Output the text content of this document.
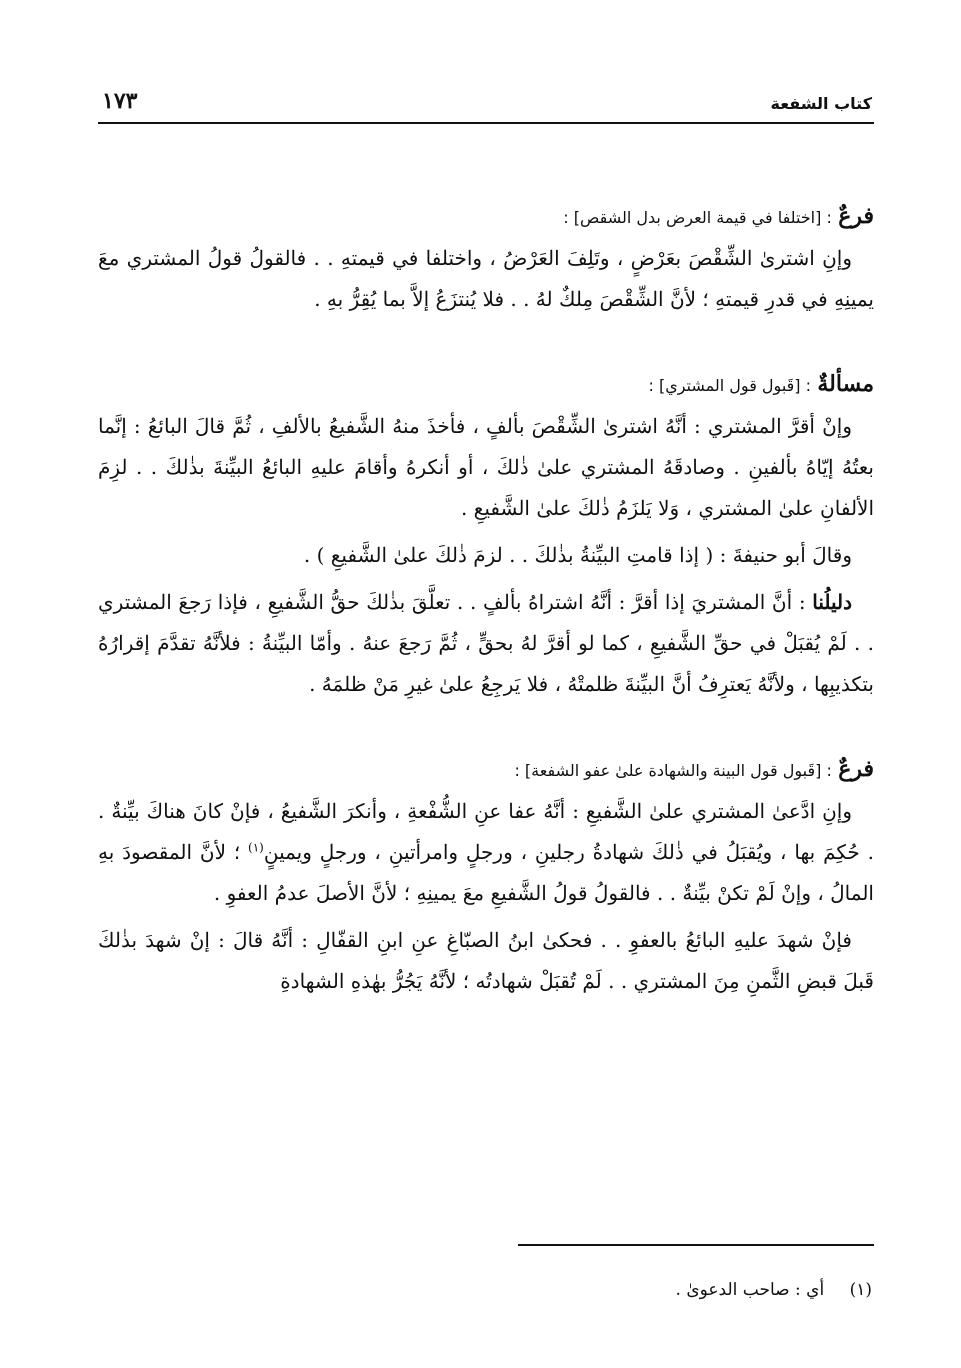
كتاب الشفعة
١٧٣

فرعٌ : [اختلفا في قيمة العرض بدل الشقص] :

وإنِ اشترىٰ الشِّقْصَ بعَرْضٍ ، وتَلِفَ العَرْضُ ، واختلفا في قيمتهِ . . فالقولُ قولُ المشتري معَ يمينِهِ في قدرِ قيمتهِ ؛ لأنَّ الشِّقْصَ مِلكٌ لهُ . . فلا يُنتزَعُ إلاَّ بما يُقِرُّ بهِ .

مسألةٌ : [قَبول قول المشتري] :

وإنْ أقرَّ المشتري : أنَّهُ اشترىٰ الشِّقْصَ بألفٍ ، فأخذَ منهُ الشَّفيعُ بالألفِ ، ثُمَّ قالَ البائعُ : إنَّما بعتُهُ إيّاهُ بألفينِ . وصادقَهُ المشتري علىٰ ذٰلكَ ، أو أنكرهُ وأقامَ عليهِ البائعُ البيِّنةَ بذٰلكَ . . لزِمَ الألفانِ علىٰ المشتري ، وَلا يَلزَمُ ذٰلكَ علىٰ الشَّفيعِ .

وقالَ أبو حنيفةَ : ( إذا قامتِ البيِّنةُ بذٰلكَ . . لزمَ ذٰلكَ علىٰ الشَّفيعِ ) .

دليلُنا : أنَّ المشتريَ إذا أقرَّ : أنَّهُ اشتراهُ بألفٍ . . تعلَّقَ بذٰلكَ حقُّ الشَّفيعِ ، فإذا رَجعَ المشتري . . لَمْ يُقبَلْ في حقِّ الشَّفيعِ ، كما لو أقرَّ لهُ بحقٍّ ، ثُمَّ رَجعَ عنهُ . وأمّا البيِّنةُ : فلأنَّهُ تقدَّمَ إقرارُهُ بتكذيبِها ، ولأنَّهُ يَعترِفُ أنَّ البيِّنةَ ظلمتْهُ ، فلا يَرجِعُ علىٰ غيرِ مَنْ ظلمَهُ .

فرعٌ : [قَبول قول البينة والشهادة علىٰ عفو الشفعة] :

وإنِ ادَّعىٰ المشتري علىٰ الشَّفيعِ : أنَّهُ عفا عنِ الشُّفْعةِ ، وأنكرَ الشَّفيعُ ، فإنْ كانَ هناكَ بيِّنةٌ . . حُكِمَ بها ، ويُقبَلُ في ذٰلكَ شهادةُ رجلينِ ، ورجلٍ وامرأتينِ ، ورجلٍ ويمينٍ$^{(١)}$ ؛ لأنَّ المقصودَ بهِ المالُ ، وإنْ لَمْ تكنْ بيِّنةٌ . . فالقولُ قولُ الشَّفيعِ معَ يمينِهِ ؛ لأنَّ الأصلَ عدمُ العفوِ .

فإنْ شهدَ عليهِ البائعُ بالعفوِ . . فحكىٰ ابنُ الصبّاغِ عنِ ابنِ القفّالِ : أنَّهُ قالَ : إنْ شهدَ بذٰلكَ قَبلَ قبضِ الثَّمنِ مِنَ المشتري . . لَمْ تُقبَلْ شهادتُه ؛ لأنَّهُ يَجُرُّ بهٰذهِ الشهادةِ

(١) أي : صاحب الدعوىٰ .
